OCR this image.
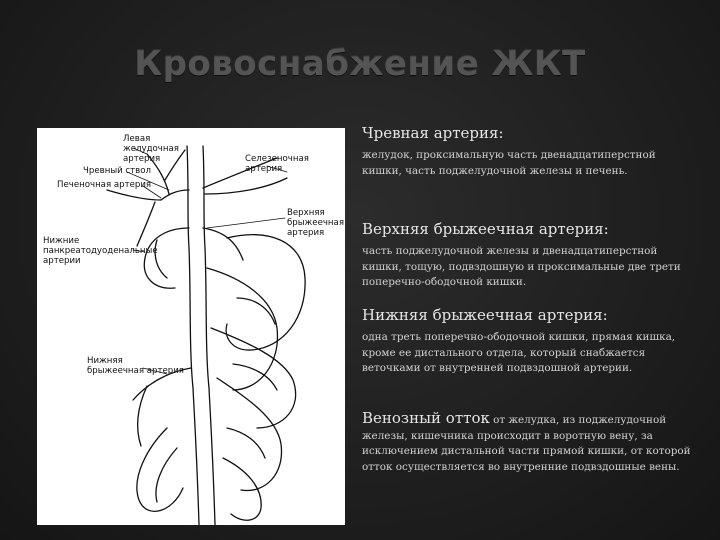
Кровоснабжение ЖКТ
Левая
желудочная
артерия
Чревный ствол
Печеночная артерия
Селезеночная
артерия
Верхняя
брыжеечная
артерия
Нижние
панкреатодуоденальные
артерии
Нижняя
брыжеечная артерия

Чревная артерия:

желудок, проксимальную часть двенадцатиперстной кишки, часть поджелудочной железы и печень.

Верхняя брыжеечная артерия:

часть поджелудочной железы и двенадцатиперстной кишки, тощую, подвздошную и проксимальные две трети поперечно-ободочной кишки.

Нижняя брыжеечная артерия:

одна треть поперечно-ободочной кишки, прямая кишка, кроме ее дистального отдела, который снабжается веточками от внутренней подвздошной артерии.

Венозный отток от желудка, из поджелудочной железы, кишечника происходит в воротную вену, за исключением дистальной части прямой кишки, от которой отток осуществляется во внутренние подвздошные вены.
